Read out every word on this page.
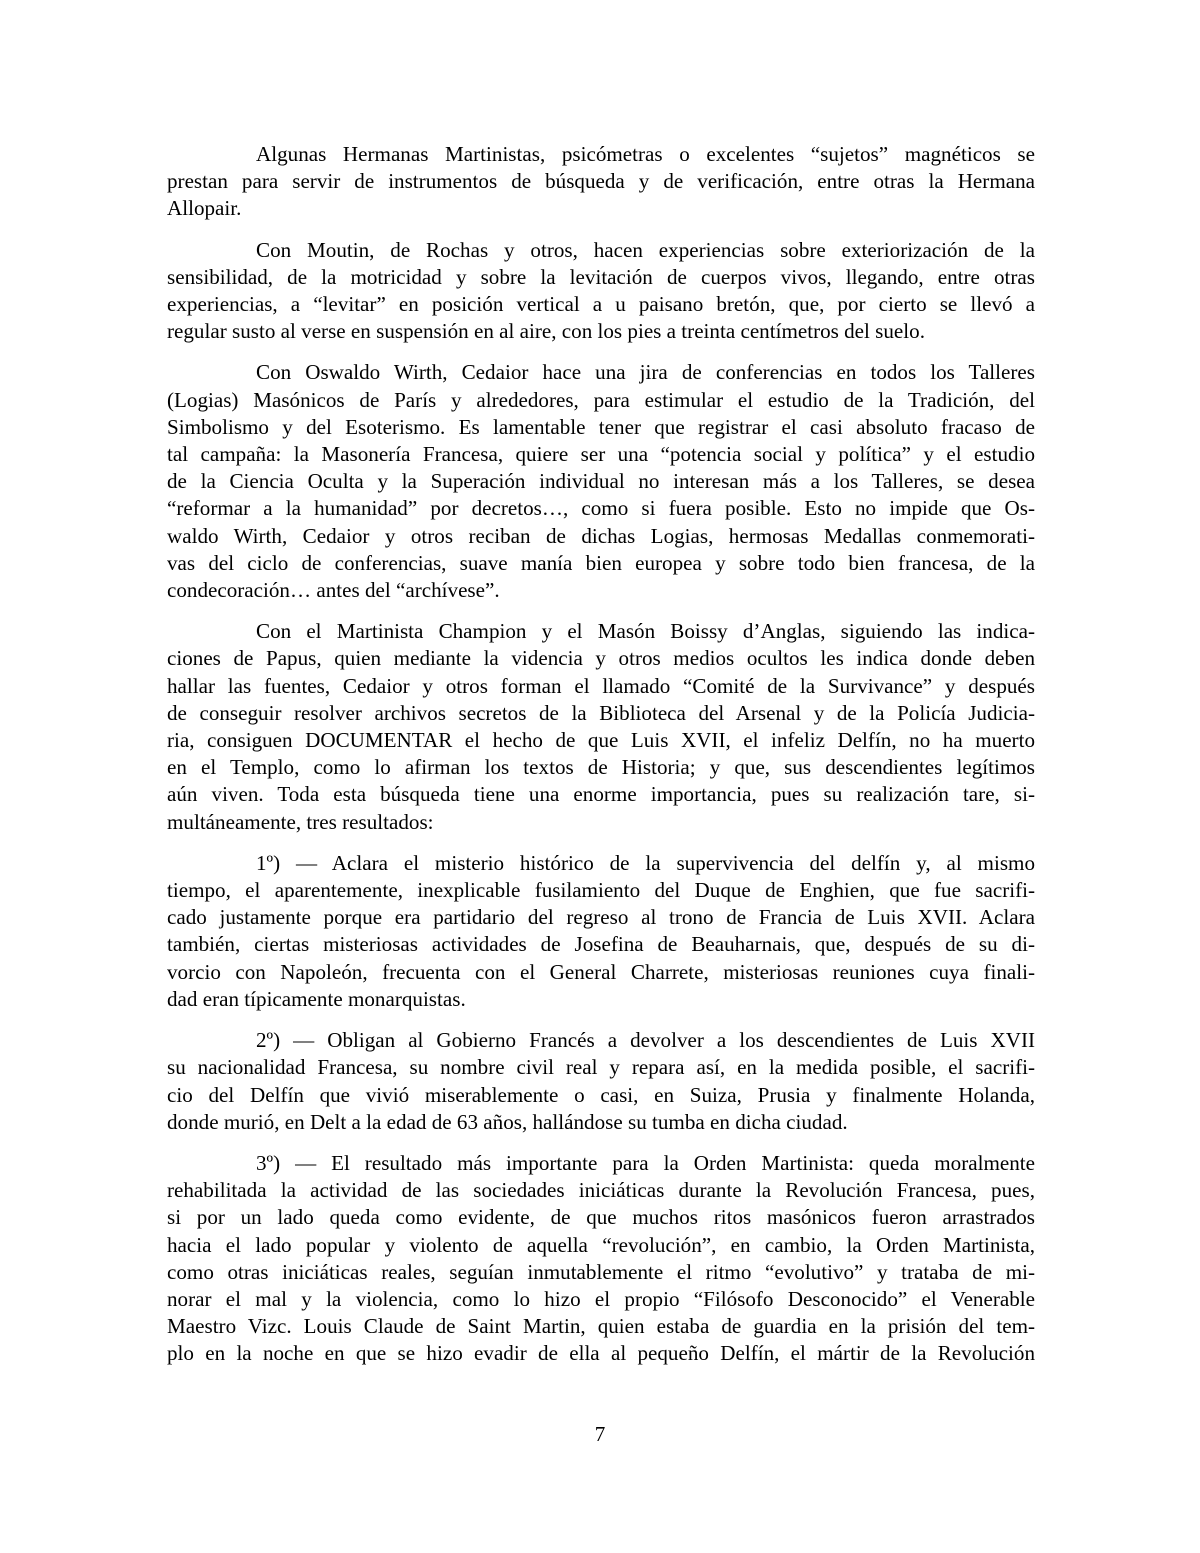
Algunas Hermanas Martinistas, psicómetras o excelentes “sujetos” magnéticos se
prestan para servir de instrumentos de búsqueda y de verificación, entre otras la Hermana
Allopair.
Con Moutin, de Rochas y otros, hacen experiencias sobre exteriorización de la
sensibilidad, de la motricidad y sobre la levitación de cuerpos vivos, llegando, entre otras
experiencias, a “levitar” en posición vertical a u paisano bretón, que, por cierto se llevó a
regular susto al verse en suspensión en al aire, con los pies a treinta centímetros del suelo.
Con Oswaldo Wirth, Cedaior hace una jira de conferencias en todos los Talleres
(Logias) Masónicos de París y alrededores, para estimular el estudio de la Tradición, del
Simbolismo y del Esoterismo. Es lamentable tener que registrar el casi absoluto fracaso de
tal campaña: la Masonería Francesa, quiere ser una “potencia social y política” y el estudio
de la Ciencia Oculta y la Superación individual no interesan más a los Talleres, se desea
“reformar a la humanidad” por decretos…, como si fuera posible. Esto no impide que Os-
waldo Wirth, Cedaior y otros reciban de dichas Logias, hermosas Medallas conmemorati-
vas del ciclo de conferencias, suave manía bien europea y sobre todo bien francesa, de la
condecoración… antes del “archívese”.
Con el Martinista Champion y el Masón Boissy d’Anglas, siguiendo las indica-
ciones de Papus, quien mediante la videncia y otros medios ocultos les indica donde deben
hallar las fuentes, Cedaior y otros forman el llamado “Comité de la Survivance” y después
de conseguir resolver archivos secretos de la Biblioteca del Arsenal y de la Policía Judicia-
ria, consiguen DOCUMENTAR el hecho de que Luis XVII, el infeliz Delfín, no ha muerto
en el Templo, como lo afirman los textos de Historia; y que, sus descendientes legítimos
aún viven. Toda esta búsqueda tiene una enorme importancia, pues su realización tare, si-
multáneamente, tres resultados:
1º) — Aclara el misterio histórico de la supervivencia del delfín y, al mismo
tiempo, el aparentemente, inexplicable fusilamiento del Duque de Enghien, que fue sacrifi-
cado justamente porque era partidario del regreso al trono de Francia de Luis XVII. Aclara
también, ciertas misteriosas actividades de Josefina de Beauharnais, que, después de su di-
vorcio con Napoleón, frecuenta con el General Charrete, misteriosas reuniones cuya finali-
dad eran típicamente monarquistas.
2º) — Obligan al Gobierno Francés a devolver a los descendientes de Luis XVII
su nacionalidad Francesa, su nombre civil real y repara así, en la medida posible, el sacrifi-
cio del Delfín que vivió miserablemente o casi, en Suiza, Prusia y finalmente Holanda,
donde murió, en Delt a la edad de 63 años, hallándose su tumba en dicha ciudad.
3º) — El resultado más importante para la Orden Martinista: queda moralmente
rehabilitada la actividad de las sociedades iniciáticas durante la Revolución Francesa, pues,
si por un lado queda como evidente, de que muchos ritos masónicos fueron arrastrados
hacia el lado popular y violento de aquella “revolución”, en cambio, la Orden Martinista,
como otras iniciáticas reales, seguían inmutablemente el ritmo “evolutivo” y trataba de mi-
norar el mal y la violencia, como lo hizo el propio “Filósofo Desconocido” el Venerable
Maestro Vizc. Louis Claude de Saint Martin, quien estaba de guardia en la prisión del tem-
plo en la noche en que se hizo evadir de ella al pequeño Delfín, el mártir de la Revolución
7
